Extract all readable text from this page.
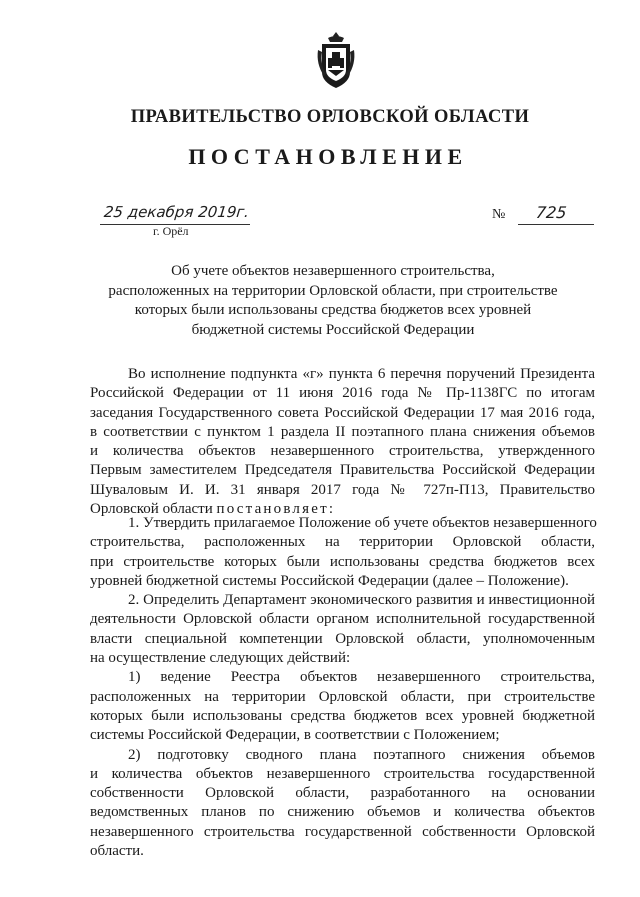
ПРАВИТЕЛЬСТВО ОРЛОВСКОЙ ОБЛАСТИ
ПОСТАНОВЛЕНИЕ
25 декабря 2019г.
г. Орёл
№ 725
Об учете объектов незавершенного строительства,
расположенных на территории Орловской области, при строительстве
которых были использованы средства бюджетов всех уровней
бюджетной системы Российской Федерации
Во исполнение подпункта «г» пункта 6 перечня поручений Президента
Российской Федерации от 11 июня 2016 года № Пр-1138ГС по итогам
заседания Государственного совета Российской Федерации 17 мая 2016 года,
в соответствии с пунктом 1 раздела II поэтапного плана снижения объемов
и количества объектов незавершенного строительства, утвержденного
Первым заместителем Председателя Правительства Российской Федерации
Шуваловым И. И. 31 января 2017 года № 727п-П13, Правительство
Орловской области постановляет:
1. Утвердить прилагаемое Положение об учете объектов незавершенного
строительства, расположенных на территории Орловской области,
при строительстве которых были использованы средства бюджетов всех
уровней бюджетной системы Российской Федерации (далее – Положение).
2. Определить Департамент экономического развития и инвестиционной
деятельности Орловской области органом исполнительной государственной
власти специальной компетенции Орловской области, уполномоченным
на осуществление следующих действий:
1) ведение Реестра объектов незавершенного строительства,
расположенных на территории Орловской области, при строительстве
которых были использованы средства бюджетов всех уровней бюджетной
системы Российской Федерации, в соответствии с Положением;
2) подготовку сводного плана поэтапного снижения объемов
и количества объектов незавершенного строительства государственной
собственности Орловской области, разработанного на основании
ведомственных планов по снижению объемов и количества объектов
незавершенного строительства государственной собственности Орловской
области.
